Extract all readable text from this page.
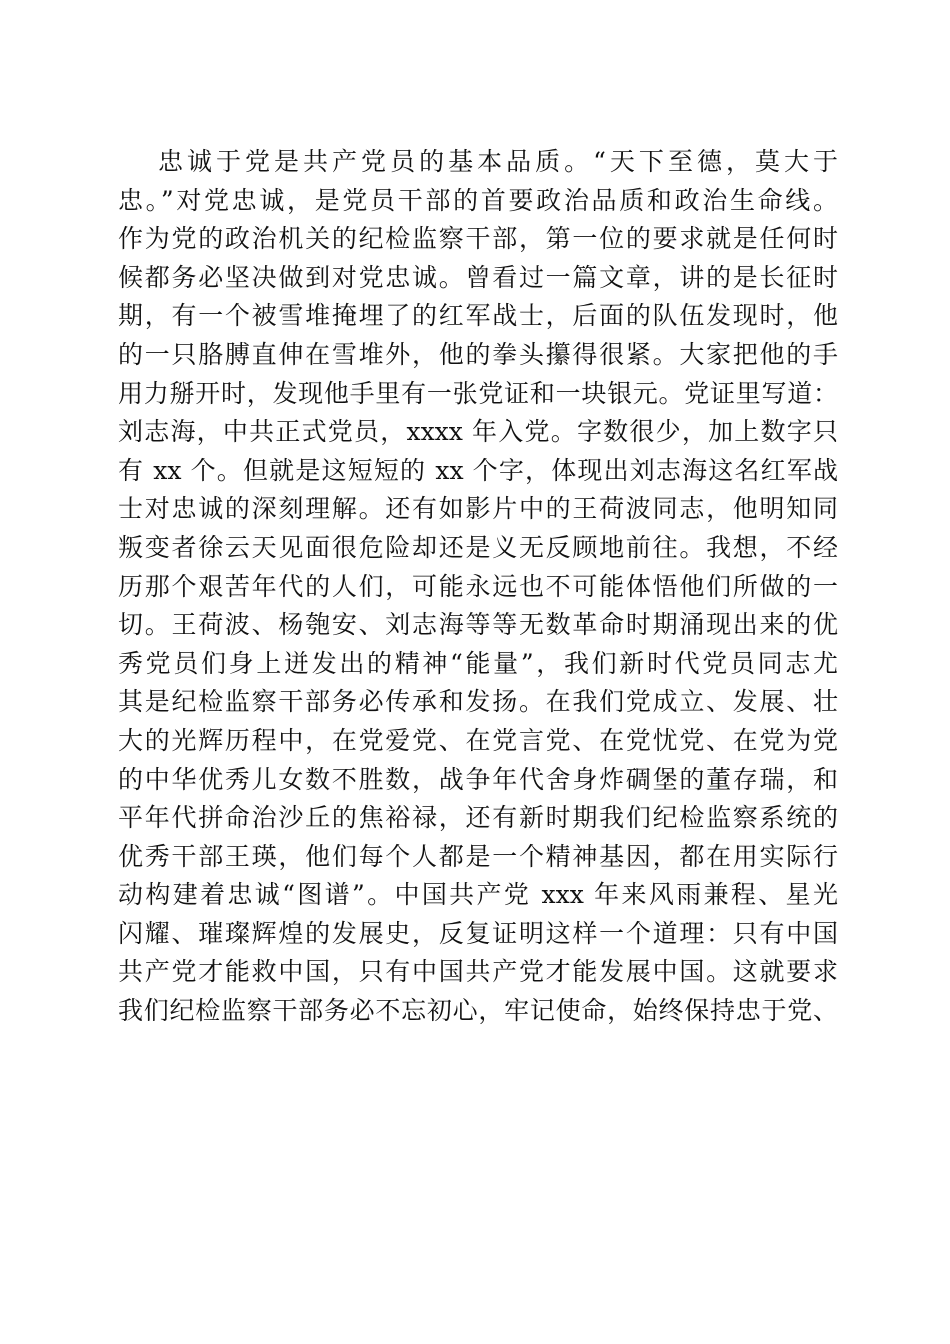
忠诚于党是共产党员的基本品质。“天下至德，莫大于
忠。”对党忠诚，是党员干部的首要政治品质和政治生命线。
作为党的政治机关的纪检监察干部，第一位的要求就是任何时
候都务必坚决做到对党忠诚。曾看过一篇文章，讲的是长征时
期，有一个被雪堆掩埋了的红军战士，后面的队伍发现时，他
的一只胳膊直伸在雪堆外，他的拳头攥得很紧。大家把他的手
用力掰开时，发现他手里有一张党证和一块银元。党证里写道：
刘志海，中共正式党员，xxxx 年入党。字数很少，加上数字只
有 xx 个。但就是这短短的 xx 个字，体现出刘志海这名红军战
士对忠诚的深刻理解。还有如影片中的王荷波同志，他明知同
叛变者徐云天见面很危险却还是义无反顾地前往。我想，不经
历那个艰苦年代的人们，可能永远也不可能体悟他们所做的一
切。王荷波、杨匏安、刘志海等等无数革命时期涌现出来的优
秀党员们身上迸发出的精神“能量”，我们新时代党员同志尤
其是纪检监察干部务必传承和发扬。在我们党成立、发展、壮
大的光辉历程中，在党爱党、在党言党、在党忧党、在党为党
的中华优秀儿女数不胜数，战争年代舍身炸碉堡的董存瑞，和
平年代拼命治沙丘的焦裕禄，还有新时期我们纪检监察系统的
优秀干部王瑛，他们每个人都是一个精神基因，都在用实际行
动构建着忠诚“图谱”。中国共产党 xxx 年来风雨兼程、星光
闪耀、璀璨辉煌的发展史，反复证明这样一个道理：只有中国
共产党才能救中国，只有中国共产党才能发展中国。这就要求
我们纪检监察干部务必不忘初心，牢记使命，始终保持忠于党、
